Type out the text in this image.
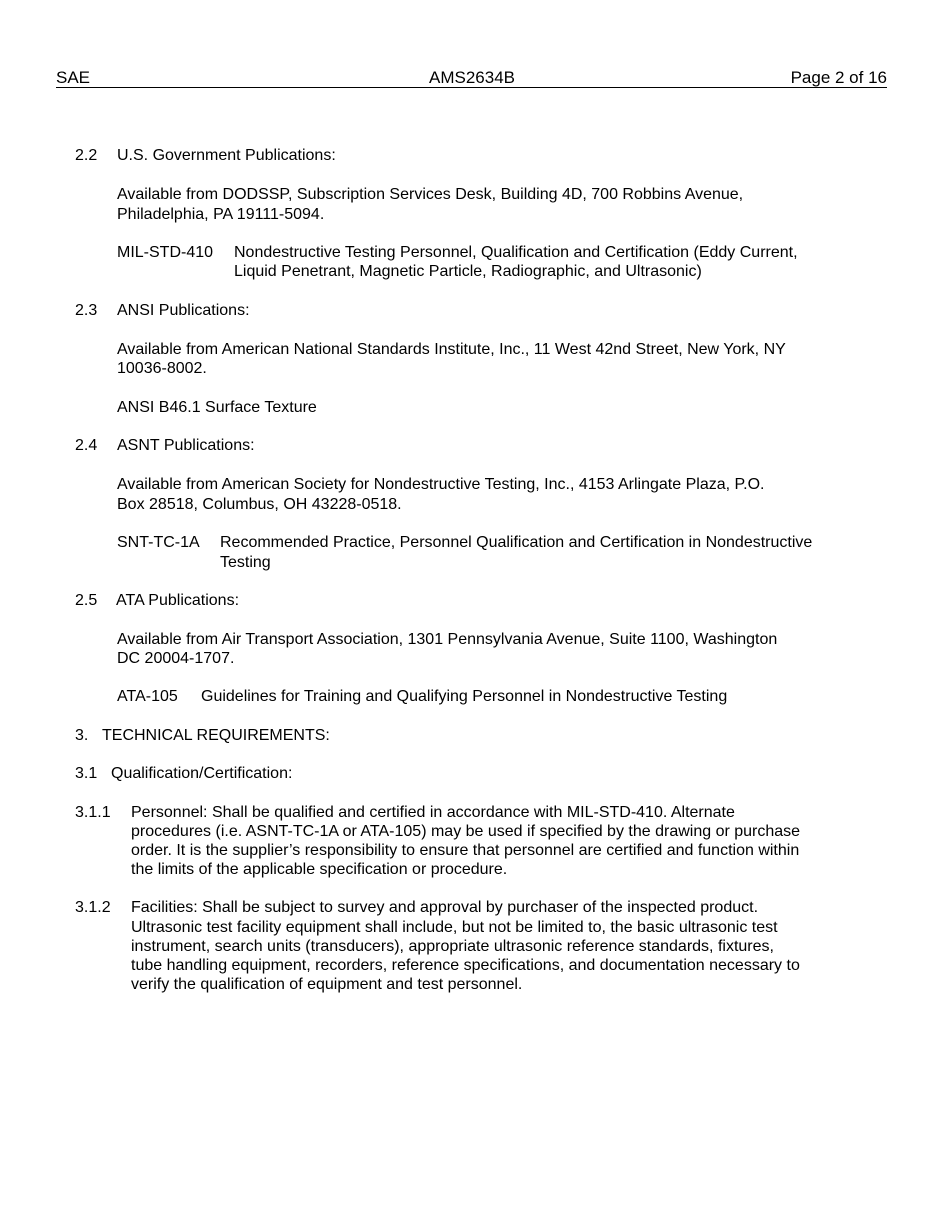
SAE	AMS2634B	Page 2 of 16
2.2 U.S. Government Publications:
Available from DODSSP, Subscription Services Desk, Building 4D, 700 Robbins Avenue,
Philadelphia, PA 19111-5094.
MIL-STD-410 Nondestructive Testing Personnel, Qualification and Certification (Eddy Current,
Liquid Penetrant, Magnetic Particle, Radiographic, and Ultrasonic)
2.3 ANSI Publications:
Available from American National Standards Institute, Inc., 11 West 42nd Street, New York, NY
10036-8002.
ANSI B46.1 Surface Texture
2.4 ASNT Publications:
Available from American Society for Nondestructive Testing, Inc., 4153 Arlingate Plaza, P.O.
Box 28518, Columbus, OH 43228-0518.
SNT-TC-1A Recommended Practice, Personnel Qualification and Certification in Nondestructive
Testing
2.5 ATA Publications:
Available from Air Transport Association, 1301 Pennsylvania Avenue, Suite 1100, Washington
DC 20004-1707.
ATA-105 Guidelines for Training and Qualifying Personnel in Nondestructive Testing
3. TECHNICAL REQUIREMENTS:
3.1 Qualification/Certification:
3.1.1 Personnel: Shall be qualified and certified in accordance with MIL-STD-410. Alternate
procedures (i.e. ASNT-TC-1A or ATA-105) may be used if specified by the drawing or purchase
order. It is the supplier’s responsibility to ensure that personnel are certified and function within
the limits of the applicable specification or procedure.
3.1.2 Facilities: Shall be subject to survey and approval by purchaser of the inspected product.
Ultrasonic test facility equipment shall include, but not be limited to, the basic ultrasonic test
instrument, search units (transducers), appropriate ultrasonic reference standards, fixtures,
tube handling equipment, recorders, reference specifications, and documentation necessary to
verify the qualification of equipment and test personnel.
